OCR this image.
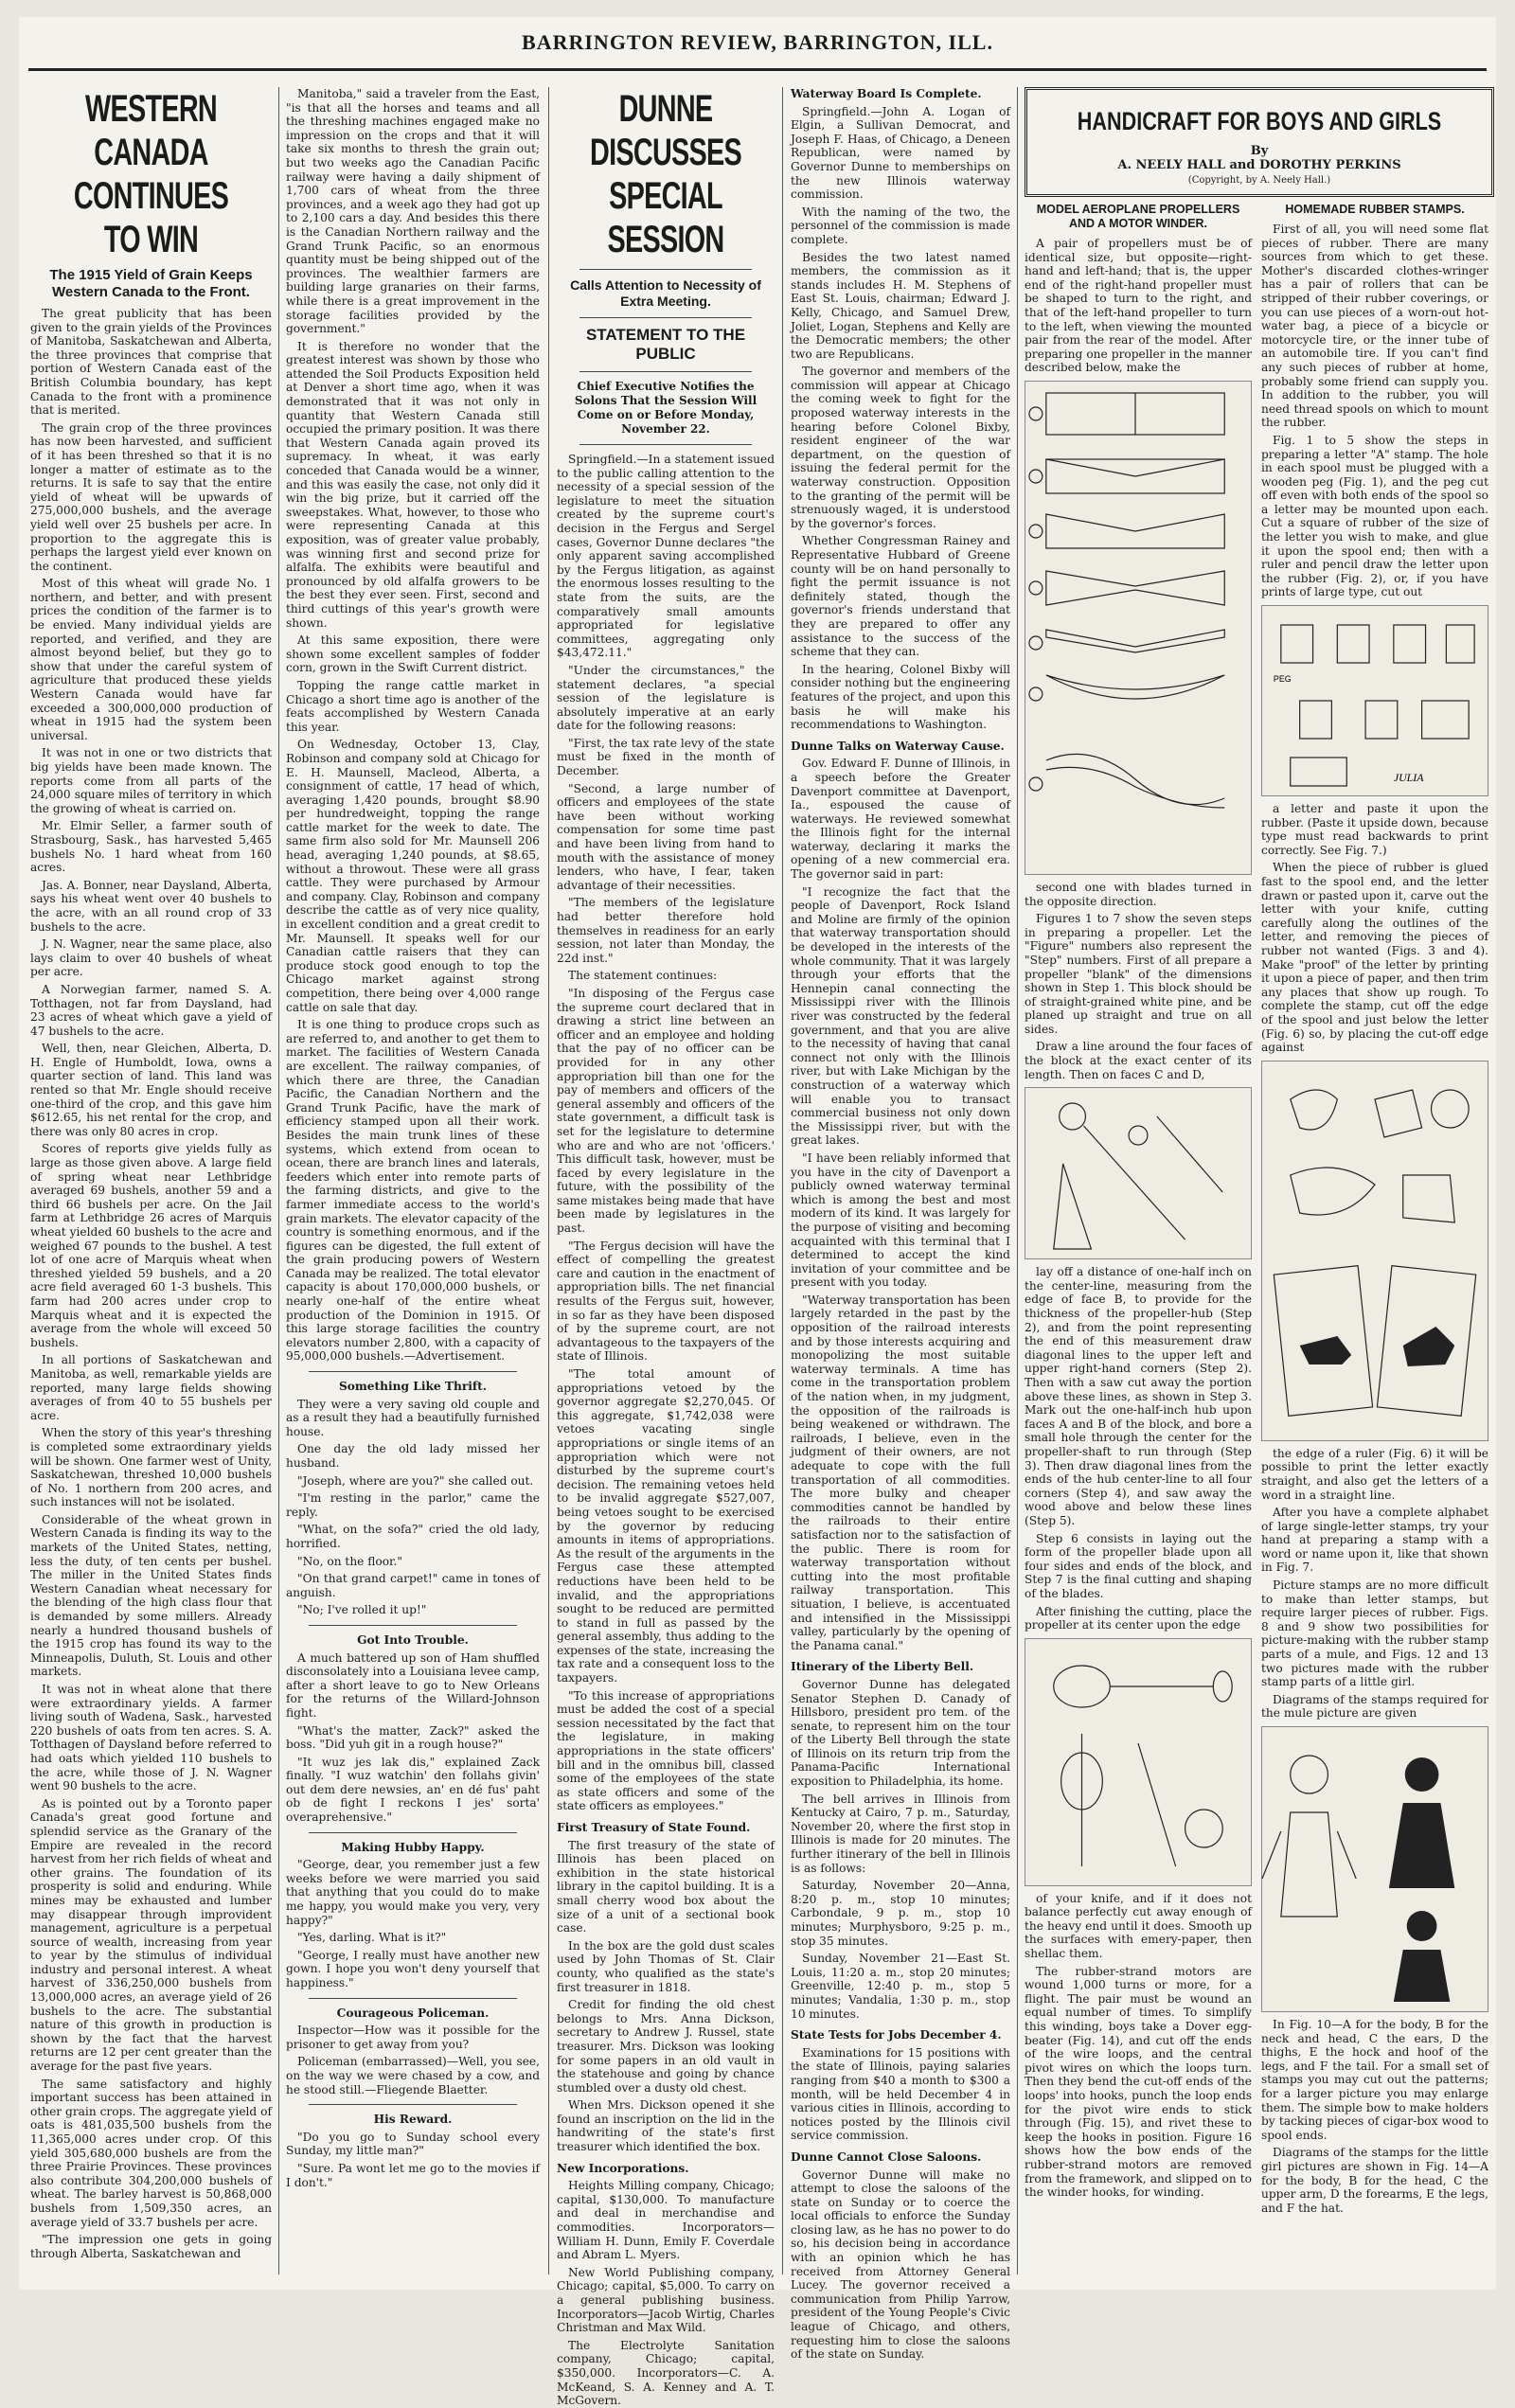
BARRINGTON REVIEW, BARRINGTON, ILL.
WESTERN CANADA CONTINUES TO WIN
The 1915 Yield of Grain Keeps Western Canada to the Front.

The great publicity that has been given to the grain yields of the Provinces of Manitoba, Saskatchewan and Alberta, the three provinces that comprise that portion of Western Canada east of the British Columbia boundary, has kept Canada to the front with a prominence that is merited.

The grain crop of the three provinces has now been harvested, and sufficient of it has been threshed so that it is no longer a matter of estimate as to the returns. It is safe to say that the entire yield of wheat will be upwards of 275,000,000 bushels, and the average yield well over 25 bushels per acre. In proportion to the aggregate this is perhaps the largest yield ever known on the continent.

Most of this wheat will grade No. 1 northern, and better, and with present prices the condition of the farmer is to be envied. Many individual yields are reported, and verified, and they are almost beyond belief, but they go to show that under the careful system of agriculture that produced these yields Western Canada would have far exceeded a 300,000,000 production of wheat in 1915 had the system been universal.

It was not in one or two districts that big yields have been made known. The reports come from all parts of the 24,000 square miles of territory in which the growing of wheat is carried on.

Mr. Elmir Seller, a farmer south of Strasbourg, Sask., has harvested 5,465 bushels No. 1 hard wheat from 160 acres.

Jas. A. Bonner, near Daysland, Alberta, says his wheat went over 40 bushels to the acre, with an all round crop of 33 bushels to the acre.

J. N. Wagner, near the same place, also lays claim to over 40 bushels of wheat per acre.

A Norwegian farmer, named S. A. Totthagen, not far from Daysland, had 23 acres of wheat which gave a yield of 47 bushels to the acre.

Well, then, near Gleichen, Alberta, D. H. Engle of Humboldt, Iowa, owns a quarter section of land. This land was rented so that Mr. Engle should receive one-third of the crop, and this gave him $612.65, his net rental for the crop, and there was only 80 acres in crop.

Scores of reports give yields fully as large as those given above. A large field of spring wheat near Lethbridge averaged 69 bushels, another 59 and a third 66 bushels per acre. On the Jail farm at Lethbridge 26 acres of Marquis wheat yielded 60 bushels to the acre and weighed 67 pounds to the bushel. A test lot of one acre of Marquis wheat when threshed yielded 59 bushels, and a 20 acre field averaged 60 1-3 bushels. This farm had 200 acres under crop to Marquis wheat and it is expected the average from the whole will exceed 50 bushels.

In all portions of Saskatchewan and Manitoba, as well, remarkable yields are reported, many large fields showing averages of from 40 to 55 bushels per acre.

When the story of this year's threshing is completed some extraordinary yields will be shown. One farmer west of Unity, Saskatchewan, threshed 10,000 bushels of No. 1 northern from 200 acres, and such instances will not be isolated.

Considerable of the wheat grown in Western Canada is finding its way to the markets of the United States, netting, less the duty, of ten cents per bushel. The miller in the United States finds Western Canadian wheat necessary for the blending of the high class flour that is demanded by some millers. Already nearly a hundred thousand bushels of the 1915 crop has found its way to the Minneapolis, Duluth, St. Louis and other markets.

It was not in wheat alone that there were extraordinary yields. A farmer living south of Wadena, Sask., harvested 220 bushels of oats from ten acres. S. A. Totthagen of Daysland before referred to had oats which yielded 110 bushels to the acre, while those of J. N. Wagner went 90 bushels to the acre.

As is pointed out by a Toronto paper Canada's great good fortune and splendid service as the Granary of the Empire are revealed in the record harvest from her rich fields of wheat and other grains. The foundation of its prosperity is solid and enduring. While mines may be exhausted and lumber may disappear through improvident management, agriculture is a perpetual source of wealth, increasing from year to year by the stimulus of individual industry and personal interest. A wheat harvest of 336,250,000 bushels from 13,000,000 acres, an average yield of 26 bushels to the acre. The substantial nature of this growth in production is shown by the fact that the harvest returns are 12 per cent greater than the average for the past five years.

The same satisfactory and highly important success has been attained in other grain crops. The aggregate yield of oats is 481,035,500 bushels from the 11,365,000 acres under crop. Of this yield 305,680,000 bushels are from the three Prairie Provinces. These provinces also contribute 304,200,000 bushels of wheat. The barley harvest is 50,868,000 bushels from 1,509,350 acres, an average yield of 33.7 bushels per acre.

"The impression one gets in going through Alberta, Saskatchewan and

Manitoba," said a traveler from the East, "is that all the horses and teams and all the threshing machines engaged make no impression on the crops and that it will take six months to thresh the grain out; but two weeks ago the Canadian Pacific railway were having a daily shipment of 1,700 cars of wheat from the three provinces, and a week ago they had got up to 2,100 cars a day. And besides this there is the Canadian Northern railway and the Grand Trunk Pacific, so an enormous quantity must be being shipped out of the provinces. The wealthier farmers are building large granaries on their farms, while there is a great improvement in the storage facilities provided by the government."

It is therefore no wonder that the greatest interest was shown by those who attended the Soil Products Exposition held at Denver a short time ago, when it was demonstrated that it was not only in quantity that Western Canada still occupied the primary position. It was there that Western Canada again proved its supremacy. In wheat, it was early conceded that Canada would be a winner, and this was easily the case, not only did it win the big prize, but it carried off the sweepstakes. What, however, to those who were representing Canada at this exposition, was of greater value probably, was winning first and second prize for alfalfa. The exhibits were beautiful and pronounced by old alfalfa growers to be the best they ever seen. First, second and third cuttings of this year's growth were shown.

At this same exposition, there were shown some excellent samples of fodder corn, grown in the Swift Current district.

Topping the range cattle market in Chicago a short time ago is another of the feats accomplished by Western Canada this year.

On Wednesday, October 13, Clay, Robinson and company sold at Chicago for E. H. Maunsell, Macleod, Alberta, a consignment of cattle, 17 head of which, averaging 1,420 pounds, brought $8.90 per hundredweight, topping the range cattle market for the week to date. The same firm also sold for Mr. Maunsell 206 head, averaging 1,240 pounds, at $8.65, without a throwout. These were all grass cattle. They were purchased by Armour and company. Clay, Robinson and company describe the cattle as of very nice quality, in excellent condition and a great credit to Mr. Maunsell. It speaks well for our Canadian cattle raisers that they can produce stock good enough to top the Chicago market against strong competition, there being over 4,000 range cattle on sale that day.

It is one thing to produce crops such as are referred to, and another to get them to market. The facilities of Western Canada are excellent. The railway companies, of which there are three, the Canadian Pacific, the Canadian Northern and the Grand Trunk Pacific, have the mark of efficiency stamped upon all their work. Besides the main trunk lines of these systems, which extend from ocean to ocean, there are branch lines and laterals, feeders which enter into remote parts of the farming districts, and give to the farmer immediate access to the world's grain markets. The elevator capacity of the country is something enormous, and if the figures can be digested, the full extent of the grain producing powers of Western Canada may be realized. The total elevator capacity is about 170,000,000 bushels, or nearly one-half of the entire wheat production of the Dominion in 1915. Of this large storage facilities the country elevators number 2,800, with a capacity of 95,000,000 bushels.—Advertisement.

Something Like Thrift.

They were a very saving old couple and as a result they had a beautifully furnished house.

One day the old lady missed her husband.

"Joseph, where are you?" she called out.

"I'm resting in the parlor," came the reply.

"What, on the sofa?" cried the old lady, horrified.

"No, on the floor."

"On that grand carpet!" came in tones of anguish.

"No; I've rolled it up!"

Got Into Trouble.

A much battered up son of Ham shuffled disconsolately into a Louisiana levee camp, after a short leave to go to New Orleans for the returns of the Willard-Johnson fight.

"What's the matter, Zack?" asked the boss. "Did yuh git in a rough house?"

"It wuz jes lak dis," explained Zack finally. "I wuz watchin' den follahs givin' out dem dere newsies, an' en dé fus' paht ob de fight I reckons I jes' sorta' overaprehensive."

Making Hubby Happy.

"George, dear, you remember just a few weeks before we were married you said that anything that you could do to make me happy, you would make you very, very happy?"

"Yes, darling. What is it?"

"George, I really must have another new gown. I hope you won't deny yourself that happiness."

Courageous Policeman.

Inspector—How was it possible for the prisoner to get away from you?

Policeman (embarrassed)—Well, you see, on the way we were chased by a cow, and he stood still.—Fliegende Blaetter.

His Reward.

"Do you go to Sunday school every Sunday, my little man?"

"Sure. Pa wont let me go to the movies if I don't."

DUNNE DISCUSSES SPECIAL SESSION
Calls Attention to Necessity of Extra Meeting.
STATEMENT TO THE PUBLIC
Chief Executive Notifies the Solons That the Session Will Come on or Before Monday, November 22.

Springfield.—In a statement issued to the public calling attention to the necessity of a special session of the legislature to meet the situation created by the supreme court's decision in the Fergus and Sergel cases, Governor Dunne declares "the only apparent saving accomplished by the Fergus litigation, as against the enormous losses resulting to the state from the suits, are the comparatively small amounts appropriated for legislative committees, aggregating only $43,472.11."

"Under the circumstances," the statement declares, "a special session of the legislature is absolutely imperative at an early date for the following reasons:

"First, the tax rate levy of the state must be fixed in the month of December.

"Second, a large number of officers and employees of the state have been without working compensation for some time past and have been living from hand to mouth with the assistance of money lenders, who have, I fear, taken advantage of their necessities.

"The members of the legislature had better therefore hold themselves in readiness for an early session, not later than Monday, the 22d inst."

The statement continues:

"In disposing of the Fergus case the supreme court declared that in drawing a strict line between an officer and an employee and holding that the pay of no officer can be provided for in any other appropriation bill than one for the pay of members and officers of the general assembly and officers of the state government, a difficult task is set for the legislature to determine who are and who are not 'officers.' This difficult task, however, must be faced by every legislature in the future, with the possibility of the same mistakes being made that have been made by legislatures in the past.

"The Fergus decision will have the effect of compelling the greatest care and caution in the enactment of appropriation bills. The net financial results of the Fergus suit, however, in so far as they have been disposed of by the supreme court, are not advantageous to the taxpayers of the state of Illinois.

"The total amount of appropriations vetoed by the governor aggregate $2,270,045. Of this aggregate, $1,742,038 were vetoes vacating single appropriations or single items of an appropriation which were not disturbed by the supreme court's decision. The remaining vetoes held to be invalid aggregate $527,007, being vetoes sought to be exercised by the governor by reducing amounts in items of appropriations. As the result of the arguments in the Fergus case these attempted reductions have been held to be invalid, and the appropriations sought to be reduced are permitted to stand in full as passed by the general assembly, thus adding to the expenses of the state, increasing the tax rate and a consequent loss to the taxpayers.

"To this increase of appropriations must be added the cost of a special session necessitated by the fact that the legislature, in making appropriations in the state officers' bill and in the omnibus bill, classed some of the employees of the state as state officers and some of the state officers as employees."

First Treasury of State Found.

The first treasury of the state of Illinois has been placed on exhibition in the state historical library in the capitol building. It is a small cherry wood box about the size of a unit of a sectional book case.

In the box are the gold dust scales used by John Thomas of St. Clair county, who qualified as the state's first treasurer in 1818.

Credit for finding the old chest belongs to Mrs. Anna Dickson, secretary to Andrew J. Russel, state treasurer. Mrs. Dickson was looking for some papers in an old vault in the statehouse and going by chance stumbled over a dusty old chest.

When Mrs. Dickson opened it she found an inscription on the lid in the handwriting of the state's first treasurer which identified the box.

New Incorporations.

Heights Milling company, Chicago; capital, $130,000. To manufacture and deal in merchandise and commodities. Incorporators—William H. Dunn, Emily F. Coverdale and Abram L. Myers.

New World Publishing company, Chicago; capital, $5,000. To carry on a general publishing business. Incorporators—Jacob Wirtig, Charles Christman and Max Wild.

The Electrolyte Sanitation company, Chicago; capital, $350,000. Incorporators—C. A. McKeand, S. A. Kenney and A. T. McGovern.

Waterway Board Is Complete.

Springfield.—John A. Logan of Elgin, a Sullivan Democrat, and Joseph F. Haas, of Chicago, a Deneen Republican, were named by Governor Dunne to memberships on the new Illinois waterway commission.

With the naming of the two, the personnel of the commission is made complete.

Besides the two latest named members, the commission as it stands includes H. M. Stephens of East St. Louis, chairman; Edward J. Kelly, Chicago, and Samuel Drew, Joliet, Logan, Stephens and Kelly are the Democratic members; the other two are Republicans.

The governor and members of the commission will appear at Chicago the coming week to fight for the proposed waterway interests in the hearing before Colonel Bixby, resident engineer of the war department, on the question of issuing the federal permit for the waterway construction. Opposition to the granting of the permit will be strenuously waged, it is understood by the governor's forces.

Whether Congressman Rainey and Representative Hubbard of Greene county will be on hand personally to fight the permit issuance is not definitely stated, though the governor's friends understand that they are prepared to offer any assistance to the success of the scheme that they can.

In the hearing, Colonel Bixby will consider nothing but the engineering features of the project, and upon this basis he will make his recommendations to Washington.

Dunne Talks on Waterway Cause.

Gov. Edward F. Dunne of Illinois, in a speech before the Greater Davenport committee at Davenport, Ia., espoused the cause of waterways. He reviewed somewhat the Illinois fight for the internal waterway, declaring it marks the opening of a new commercial era. The governor said in part:

"I recognize the fact that the people of Davenport, Rock Island and Moline are firmly of the opinion that waterway transportation should be developed in the interests of the whole community. That it was largely through your efforts that the Hennepin canal connecting the Mississippi river with the Illinois river was constructed by the federal government, and that you are alive to the necessity of having that canal connect not only with the Illinois river, but with Lake Michigan by the construction of a waterway which will enable you to transact commercial business not only down the Mississippi river, but with the great lakes.

"I have been reliably informed that you have in the city of Davenport a publicly owned waterway terminal which is among the best and most modern of its kind. It was largely for the purpose of visiting and becoming acquainted with this terminal that I determined to accept the kind invitation of your committee and be present with you today.

"Waterway transportation has been largely retarded in the past by the opposition of the railroad interests and by those interests acquiring and monopolizing the most suitable waterway terminals. A time has come in the transportation problem of the nation when, in my judgment, the opposition of the railroads is being weakened or withdrawn. The railroads, I believe, even in the judgment of their owners, are not adequate to cope with the full transportation of all commodities. The more bulky and cheaper commodities cannot be handled by the railroads to their entire satisfaction nor to the satisfaction of the public. There is room for waterway transportation without cutting into the most profitable railway transportation. This situation, I believe, is accentuated and intensified in the Mississippi valley, particularly by the opening of the Panama canal."

Itinerary of the Liberty Bell.

Governor Dunne has delegated Senator Stephen D. Canady of Hillsboro, president pro tem. of the senate, to represent him on the tour of the Liberty Bell through the state of Illinois on its return trip from the Panama-Pacific International exposition to Philadelphia, its home.

The bell arrives in Illinois from Kentucky at Cairo, 7 p. m., Saturday, November 20, where the first stop in Illinois is made for 20 minutes. The further itinerary of the bell in Illinois is as follows:

Saturday, November 20—Anna, 8:20 p. m., stop 10 minutes; Carbondale, 9 p. m., stop 10 minutes; Murphysboro, 9:25 p. m., stop 35 minutes.

Sunday, November 21—East St. Louis, 11:20 a. m., stop 20 minutes; Greenville, 12:40 p. m., stop 5 minutes; Vandalia, 1:30 p. m., stop 10 minutes.

State Tests for Jobs December 4.

Examinations for 15 positions with the state of Illinois, paying salaries ranging from $40 a month to $300 a month, will be held December 4 in various cities in Illinois, according to notices posted by the Illinois civil service commission.

Dunne Cannot Close Saloons.

Governor Dunne will make no attempt to close the saloons of the state on Sunday or to coerce the local officials to enforce the Sunday closing law, as he has no power to do so, his decision being in accordance with an opinion which he has received from Attorney General Lucey. The governor received a communication from Philip Yarrow, president of the Young People's Civic league of Chicago, and others, requesting him to close the saloons of the state on Sunday.

HANDICRAFT FOR BOYS AND GIRLS
By
A. NEELY HALL and DOROTHY PERKINS
(Copyright, by A. Neely Hall.)
MODEL AEROPLANE PROPELLERS AND A MOTOR WINDER.

A pair of propellers must be of identical size, but opposite—right-hand and left-hand; that is, the upper end of the right-hand propeller must be shaped to turn to the right, and that of the left-hand propeller to turn to the left, when viewing the mounted pair from the rear of the model. After preparing one propeller in the manner described below, make the

second one with blades turned in the opposite direction.

Figures 1 to 7 show the seven steps in preparing a propeller. Let the "Figure" numbers also represent the "Step" numbers. First of all prepare a propeller "blank" of the dimensions shown in Step 1. This block should be of straight-grained white pine, and be planed up straight and true on all sides.

Draw a line around the four faces of the block at the exact center of its length. Then on faces C and D,

lay off a distance of one-half inch on the center-line, measuring from the edge of face B, to provide for the thickness of the propeller-hub (Step 2), and from the point representing the end of this measurement draw diagonal lines to the upper left and upper right-hand corners (Step 2). Then with a saw cut away the portion above these lines, as shown in Step 3. Mark out the one-half-inch hub upon faces A and B of the block, and bore a small hole through the center for the propeller-shaft to run through (Step 3). Then draw diagonal lines from the ends of the hub center-line to all four corners (Step 4), and saw away the wood above and below these lines (Step 5).

Step 6 consists in laying out the form of the propeller blade upon all four sides and ends of the block, and Step 7 is the final cutting and shaping of the blades.

After finishing the cutting, place the propeller at its center upon the edge

of your knife, and if it does not balance perfectly cut away enough of the heavy end until it does. Smooth up the surfaces with emery-paper, then shellac them.

The rubber-strand motors are wound 1,000 turns or more, for a flight. The pair must be wound an equal number of times. To simplify this winding, boys take a Dover egg-beater (Fig. 14), and cut off the ends of the wire loops, and the central pivot wires on which the loops turn. Then they bend the cut-off ends of the loops' into hooks, punch the loop ends for the pivot wire ends to stick through (Fig. 15), and rivet these to keep the hooks in position. Figure 16 shows how the bow ends of the rubber-strand motors are removed from the framework, and slipped on to the winder hooks, for winding.

HOMEMADE RUBBER STAMPS.

First of all, you will need some flat pieces of rubber. There are many sources from which to get these. Mother's discarded clothes-wringer has a pair of rollers that can be stripped of their rubber coverings, or you can use pieces of a worn-out hot-water bag, a piece of a bicycle or motorcycle tire, or the inner tube of an automobile tire. If you can't find any such pieces of rubber at home, probably some friend can supply you. In addition to the rubber, you will need thread spools on which to mount the rubber.

Fig. 1 to 5 show the steps in preparing a letter "A" stamp. The hole in each spool must be plugged with a wooden peg (Fig. 1), and the peg cut off even with both ends of the spool so a letter may be mounted upon each. Cut a square of rubber of the size of the letter you wish to make, and glue it upon the spool end; then with a ruler and pencil draw the letter upon the rubber (Fig. 2), or, if you have prints of large type, cut out

PEG
JULIA

a letter and paste it upon the rubber. (Paste it upside down, because type must read backwards to print correctly. See Fig. 7.)

When the piece of rubber is glued fast to the spool end, and the letter drawn or pasted upon it, carve out the letter with your knife, cutting carefully along the outlines of the letter, and removing the pieces of rubber not wanted (Figs. 3 and 4). Make "proof" of the letter by printing it upon a piece of paper, and then trim any places that show up rough. To complete the stamp, cut off the edge of the spool and just below the letter (Fig. 6) so, by placing the cut-off edge against

the edge of a ruler (Fig. 6) it will be possible to print the letter exactly straight, and also get the letters of a word in a straight line.

After you have a complete alphabet of large single-letter stamps, try your hand at preparing a stamp with a word or name upon it, like that shown in Fig. 7.

Picture stamps are no more difficult to make than letter stamps, but require larger pieces of rubber. Figs. 8 and 9 show two possibilities for picture-making with the rubber stamp parts of a mule, and Figs. 12 and 13 two pictures made with the rubber stamp parts of a little girl.

Diagrams of the stamps required for the mule picture are given

In Fig. 10—A for the body, B for the neck and head, C the ears, D the thighs, E the hock and hoof of the legs, and F the tail. For a small set of stamps you may cut out the patterns; for a larger picture you may enlarge them. The simple bow to make holders by tacking pieces of cigar-box wood to spool ends.

Diagrams of the stamps for the little girl pictures are shown in Fig. 14—A for the body, B for the head, C the upper arm, D the forearms, E the legs, and F the hat.
